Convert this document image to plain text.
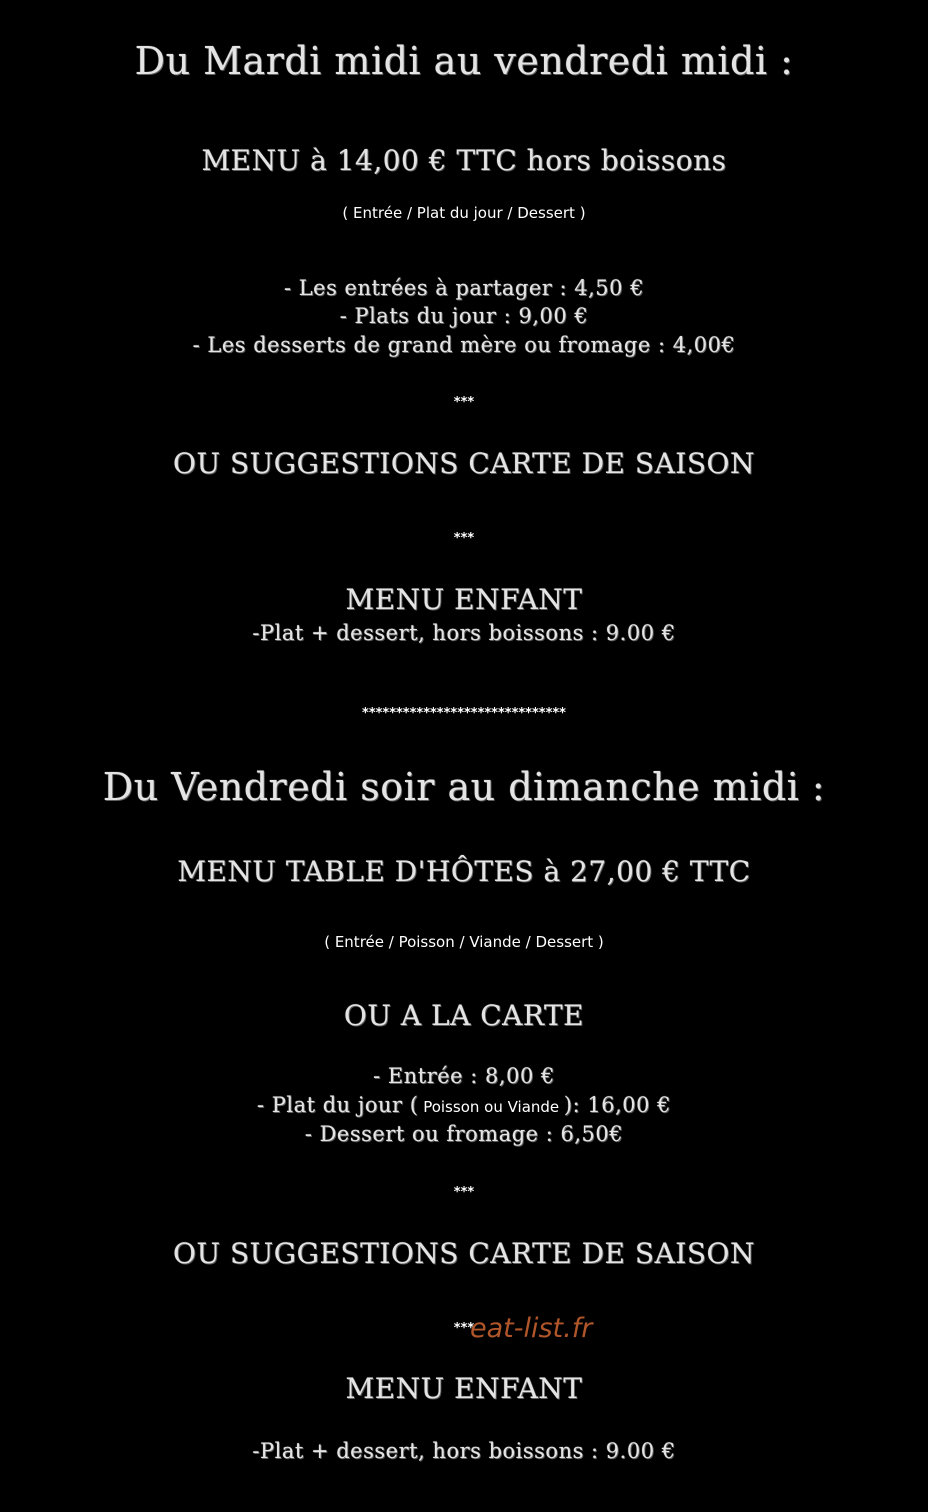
Du Mardi midi au vendredi midi :
MENU à 14,00 € TTC hors boissons
( Entrée / Plat du jour / Dessert )
- Les entrées à partager : 4,50 €
- Plats du jour : 9,00 €
- Les desserts de grand mère ou fromage : 4,00€
***
OU SUGGESTIONS CARTE DE SAISON
***
MENU ENFANT
-Plat + dessert, hors boissons : 9.00 €
******************************
Du Vendredi soir au dimanche midi :
MENU TABLE D'HÔTES à 27,00 € TTC
( Entrée / Poisson / Viande / Dessert )
OU A LA CARTE
- Entrée : 8,00 €
- Plat du jour ( Poisson ou Viande ): 16,00 €
- Dessert ou fromage : 6,50€
***
OU SUGGESTIONS CARTE DE SAISON
***
eat-list.fr
MENU ENFANT
-Plat + dessert, hors boissons : 9.00 €
